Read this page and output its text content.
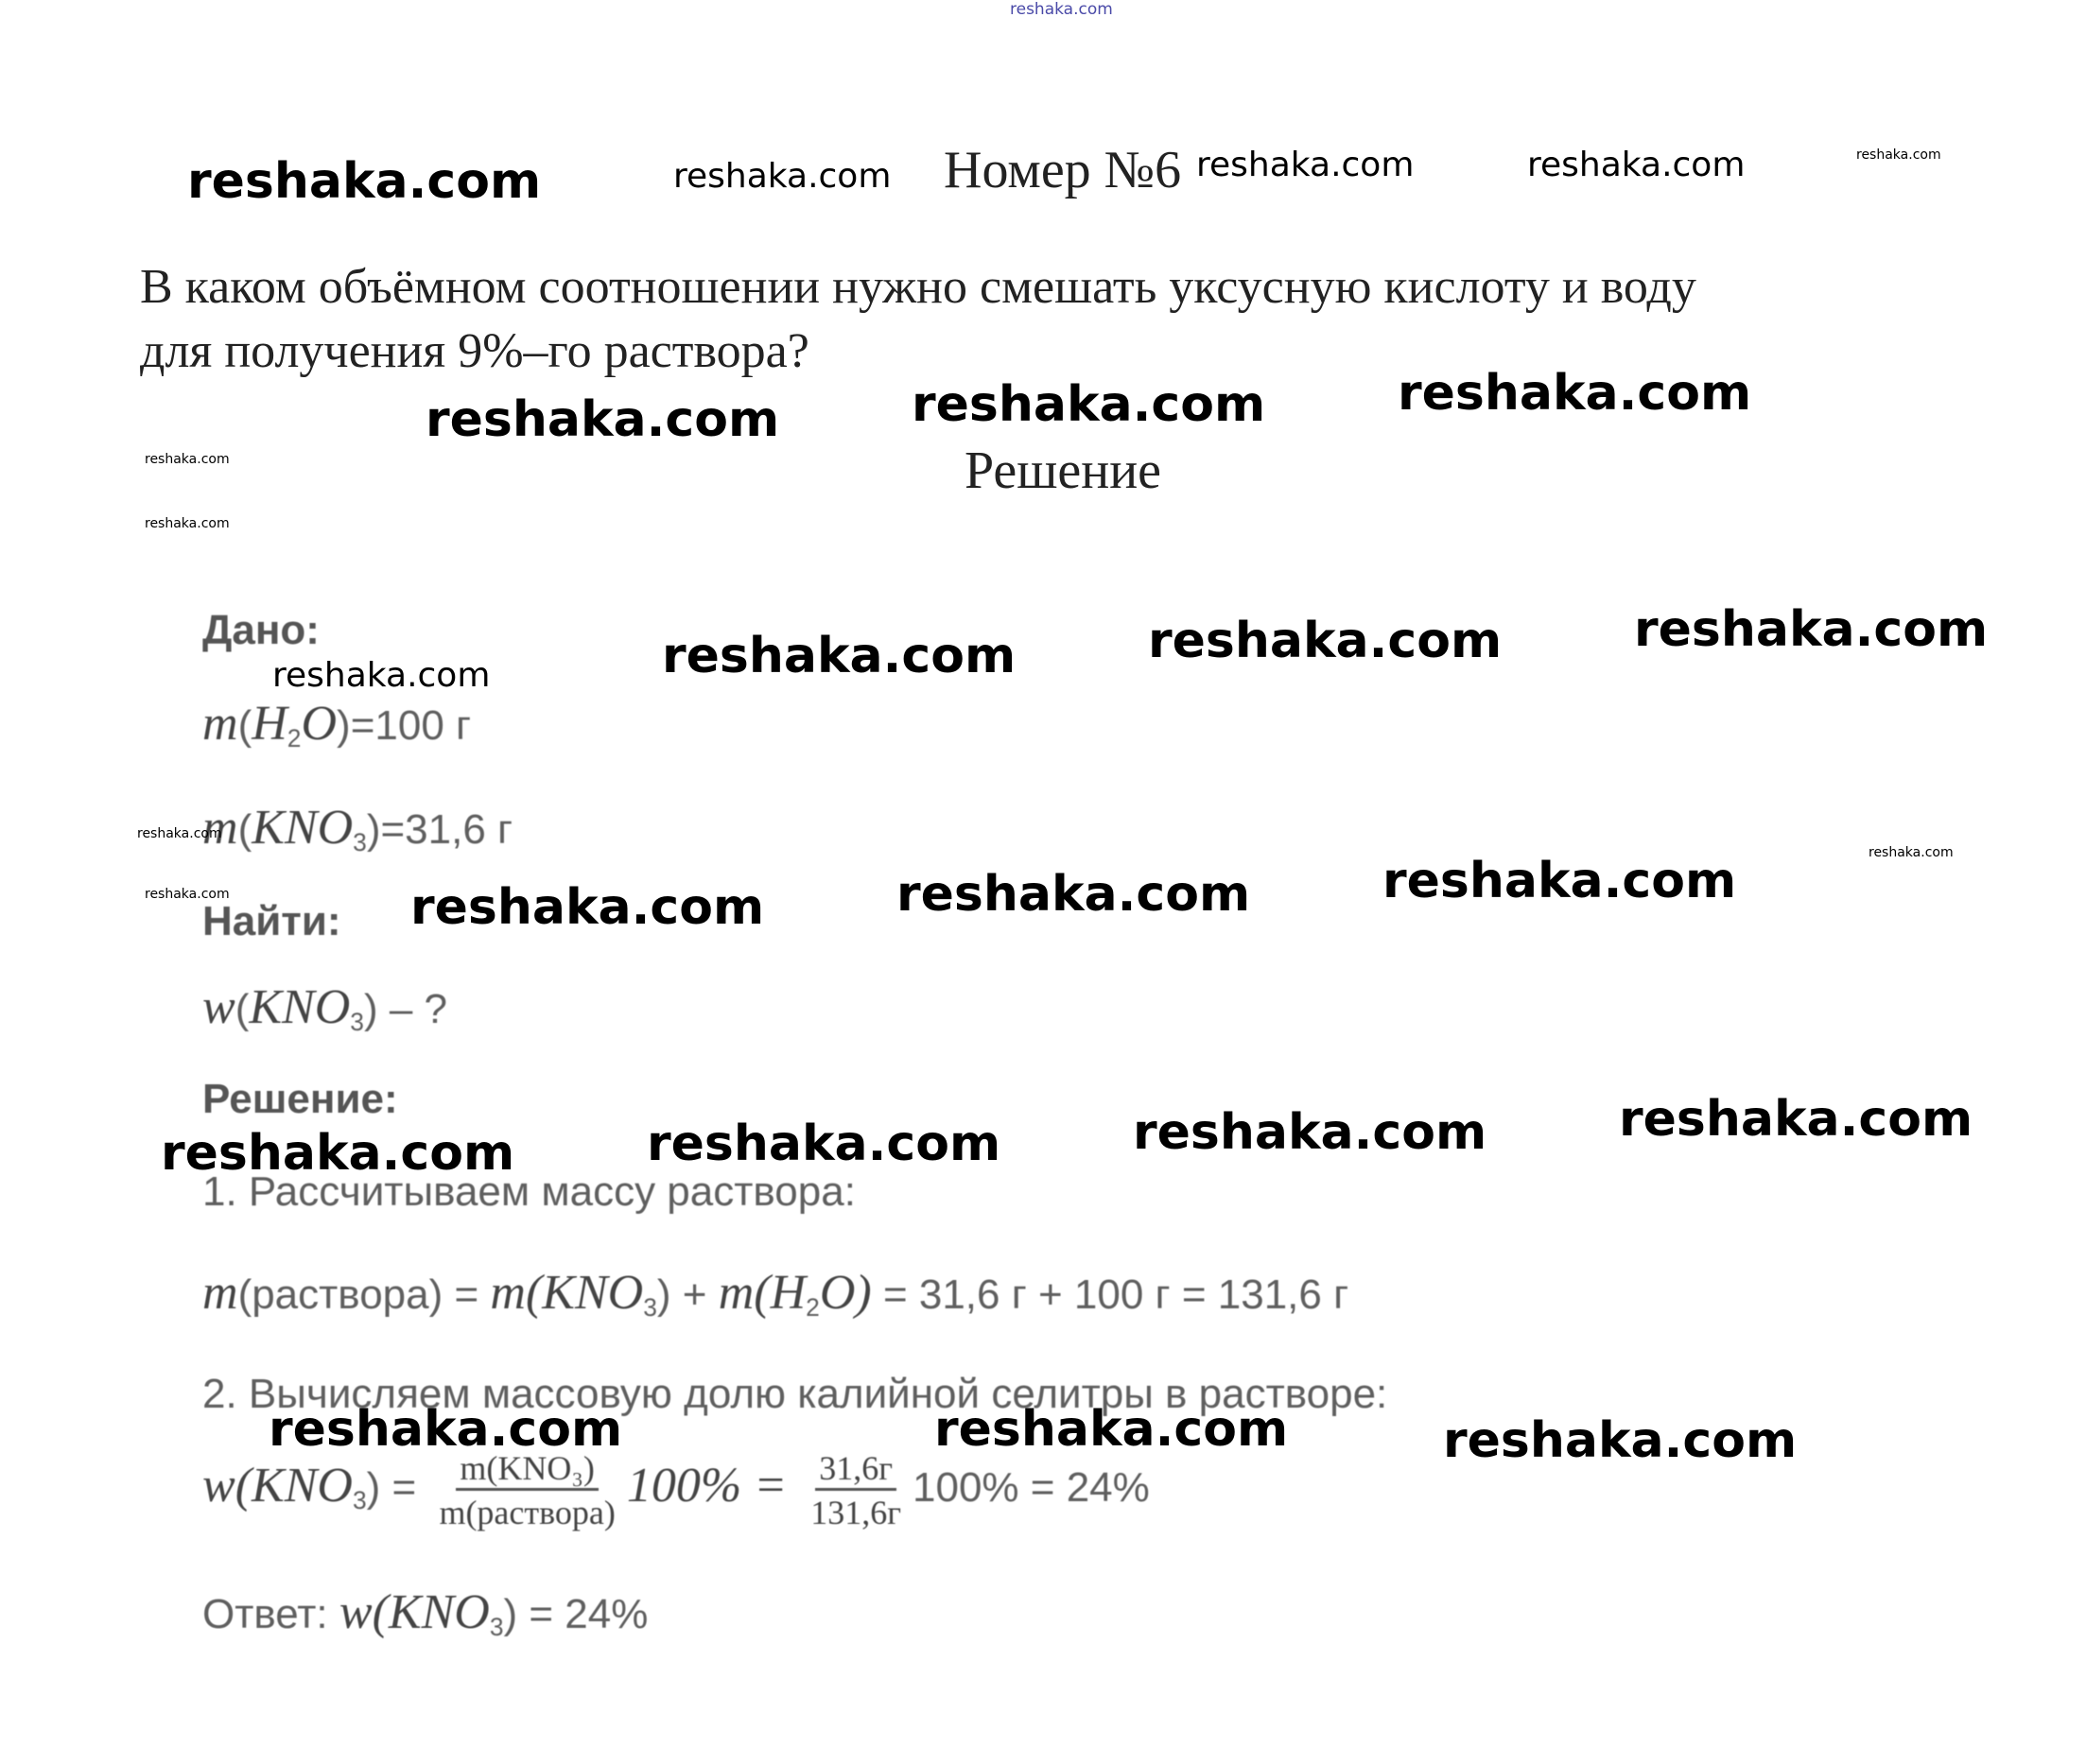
reshaka.com
reshaka.com	reshaka.com Номер №6 reshaka.com	reshaka.com	reshaka.com
В каком объёмном соотношении нужно смешать уксусную кислоту и воду
для получения 9%–го раствора?
reshaka.com	reshaka.com	reshaka.com
reshaka.com
reshaka.com
Решение
Дано:
reshaka.com	reshaka.com	reshaka.com	reshaka.com
$m(H_2O)=100$ г
reshaka.com
$m(KNO_3)=31,6$ г	reshaka.com
reshaka.com
Найти: reshaka.com	reshaka.com	reshaka.com
$w(KNO_3)$ – ?
Решение:
reshaka.com	reshaka.com	reshaka.com	reshaka.com
1. Рассчитываем массу раствора:
m(раствора) = $m(KNO_3) + m(H_2O) = 31,6$ г + 100 г = 131,6 г
2. Вычисляем массовую долю калийной селитры в растворе:
reshaka.com	reshaka.com	reshaka.com
$w(KNO_3) = \frac{\text{m(KNO₃)}}{\text{m(раствора)}} 100\% = \frac{31,6г}{131,6г} 100\% = 24\%$
Ответ: $w(KNO_3) = 24\%$
